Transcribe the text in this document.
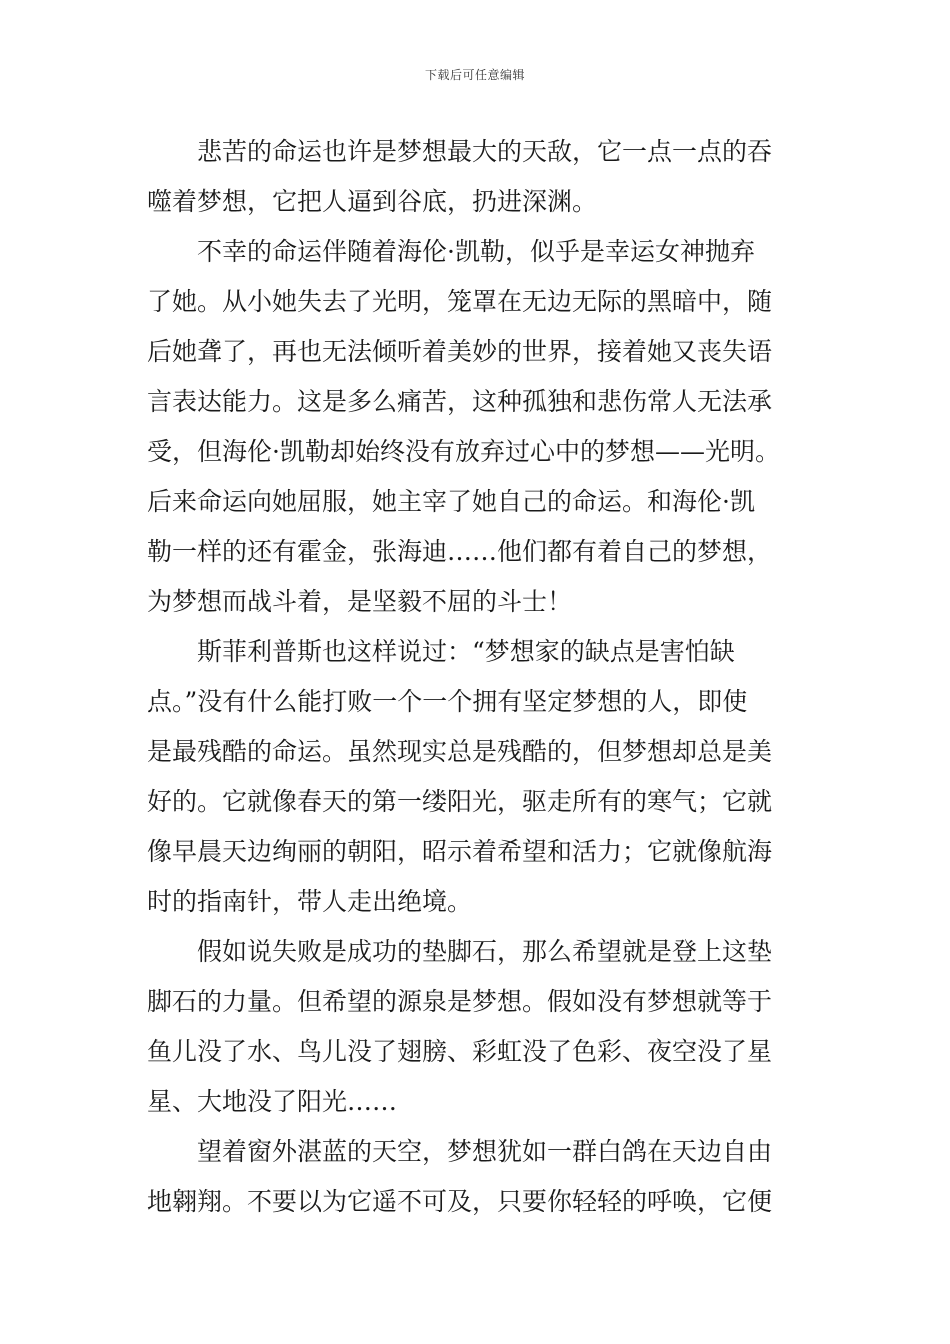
下载后可任意编辑
悲苦的命运也许是梦想最大的天敌，它一点一点的吞
噬着梦想，它把人逼到谷底，扔进深渊。
不幸的命运伴随着海伦·凯勒，似乎是幸运女神抛弃
了她。从小她失去了光明，笼罩在无边无际的黑暗中，随
后她聋了，再也无法倾听着美妙的世界，接着她又丧失语
言表达能力。这是多么痛苦，这种孤独和悲伤常人无法承
受，但海伦·凯勒却始终没有放弃过心中的梦想——光明。
后来命运向她屈服，她主宰了她自己的命运。和海伦·凯
勒一样的还有霍金，张海迪……他们都有着自己的梦想，
为梦想而战斗着，是坚毅不屈的斗士！
斯菲利普斯也这样说过：“梦想家的缺点是害怕缺
点。”没有什么能打败一个一个拥有坚定梦想的人，即使
是最残酷的命运。虽然现实总是残酷的，但梦想却总是美
好的。它就像春天的第一缕阳光，驱走所有的寒气；它就
像早晨天边绚丽的朝阳，昭示着希望和活力；它就像航海
时的指南针，带人走出绝境。
假如说失败是成功的垫脚石，那么希望就是登上这垫
脚石的力量。但希望的源泉是梦想。假如没有梦想就等于
鱼儿没了水、鸟儿没了翅膀、彩虹没了色彩、夜空没了星
星、大地没了阳光……
望着窗外湛蓝的天空，梦想犹如一群白鸽在天边自由
地翱翔。不要以为它遥不可及，只要你轻轻的呼唤，它便
